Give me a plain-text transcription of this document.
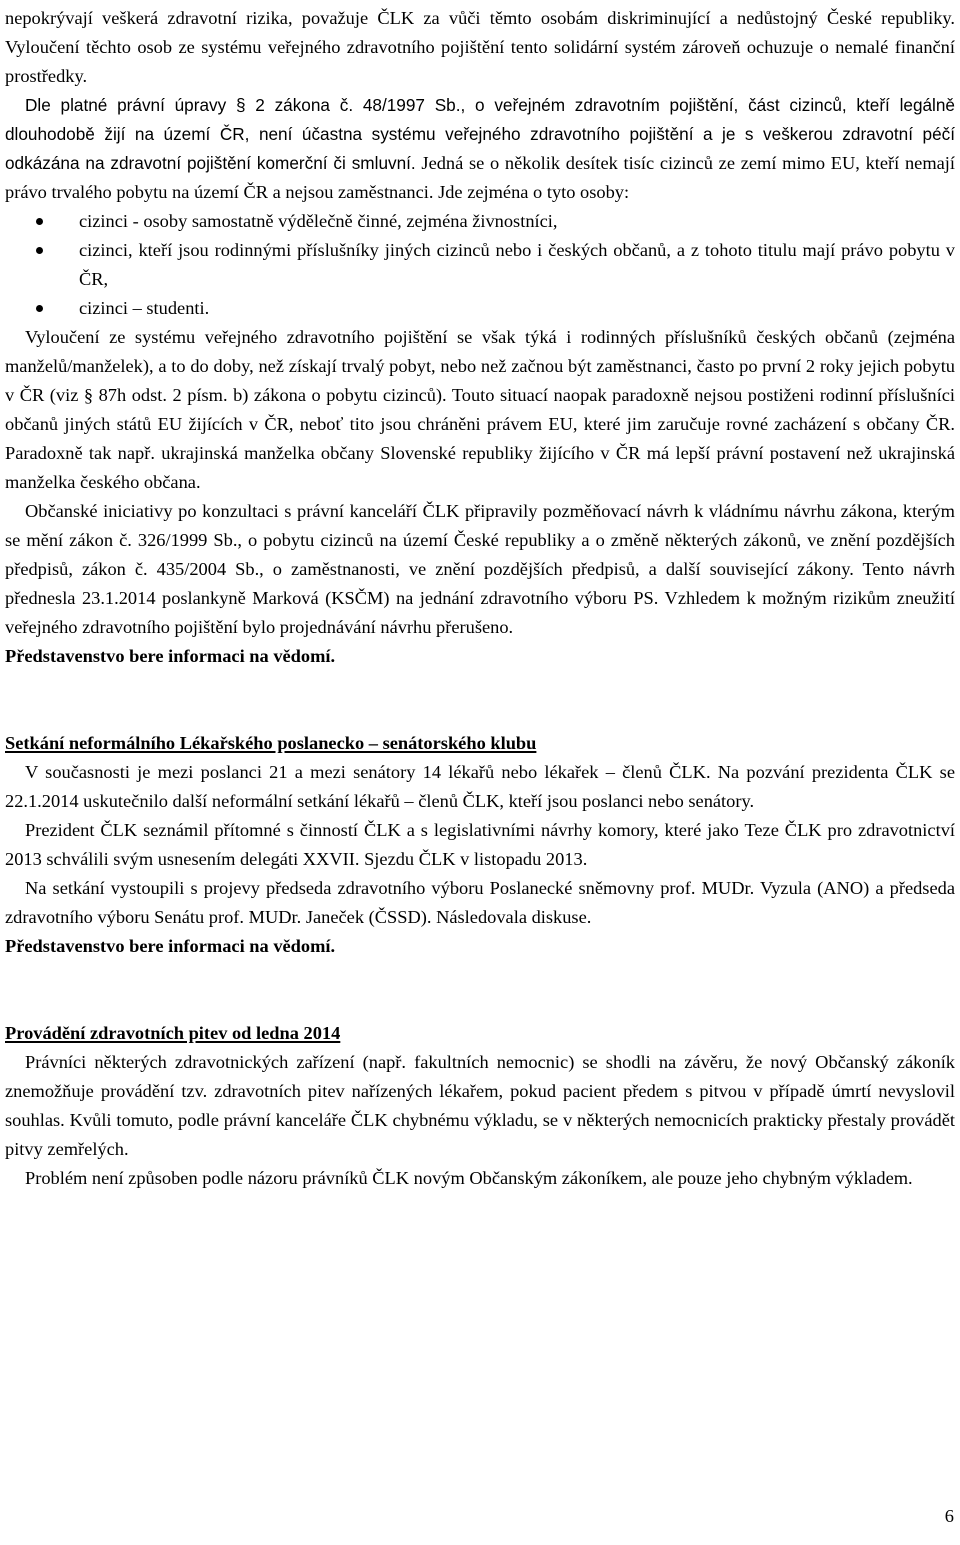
nepokrývají veškerá zdravotní rizika, považuje ČLK za vůči těmto osobám diskriminující a nedůstojný České republiky. Vyloučení těchto osob ze systému veřejného zdravotního pojištění tento solidární systém zároveň ochuzuje o nemalé finanční prostředky.

Dle platné právní úpravy § 2 zákona č. 48/1997 Sb., o veřejném zdravotním pojištění, část cizinců, kteří legálně dlouhodobě žijí na území ČR, není účastna systému veřejného zdravotního pojištění a je s veškerou zdravotní péčí odkázána na zdravotní pojištění komerční či smluvní. Jedná se o několik desítek tisíc cizinců ze zemí mimo EU, kteří nemají právo trvalého pobytu na území ČR a nejsou zaměstnanci. Jde zejména o tyto osoby:

cizinci - osoby samostatně výdělečně činné, zejména živnostníci,
cizinci, kteří jsou rodinnými příslušníky jiných cizinců nebo i českých občanů, a z tohoto titulu mají právo pobytu v ČR,
cizinci – studenti.

Vyloučení ze systému veřejného zdravotního pojištění se však týká i rodinných příslušníků českých občanů (zejména manželů/manželek), a to do doby, než získají trvalý pobyt, nebo než začnou být zaměstnanci, často po první 2 roky jejich pobytu v ČR (viz § 87h odst. 2 písm. b) zákona o pobytu cizinců). Touto situací naopak paradoxně nejsou postiženi rodinní příslušníci občanů jiných států EU žijících v ČR, neboť tito jsou chráněni právem EU, které jim zaručuje rovné zacházení s občany ČR. Paradoxně tak např. ukrajinská manželka občany Slovenské republiky žijícího v ČR má lepší právní postavení než ukrajinská manželka českého občana.

Občanské iniciativy po konzultaci s právní kanceláří ČLK připravily pozměňovací návrh k vládnímu návrhu zákona, kterým se mění zákon č. 326/1999 Sb., o pobytu cizinců na území České republiky a o změně některých zákonů, ve znění pozdějších předpisů, zákon č. 435/2004 Sb., o zaměstnanosti, ve znění pozdějších předpisů, a další související zákony. Tento návrh přednesla 23.1.2014 poslankyně Marková (KSČM) na jednání zdravotního výboru PS. Vzhledem k možným rizikům zneužití veřejného zdravotního pojištění bylo projednávání návrhu přerušeno.

Představenstvo bere informaci na vědomí.

Setkání neformálního Lékařského poslanecko – senátorského klubu

V současnosti je mezi poslanci 21 a mezi senátory 14 lékařů nebo lékařek – členů ČLK. Na pozvání prezidenta ČLK se 22.1.2014 uskutečnilo další neformální setkání lékařů – členů ČLK, kteří jsou poslanci nebo senátory.

Prezident ČLK seznámil přítomné s činností ČLK a s legislativními návrhy komory, které jako Teze ČLK pro zdravotnictví 2013 schválili svým usnesením delegáti XXVII. Sjezdu ČLK v listopadu 2013.

Na setkání vystoupili s projevy předseda zdravotního výboru Poslanecké sněmovny prof. MUDr. Vyzula (ANO) a předseda zdravotního výboru Senátu prof. MUDr. Janeček (ČSSD). Následovala diskuse.

Představenstvo bere informaci na vědomí.

Provádění zdravotních pitev od ledna 2014

Právníci některých zdravotnických zařízení (např. fakultních nemocnic) se shodli na závěru, že nový Občanský zákoník znemožňuje provádění tzv. zdravotních pitev nařízených lékařem, pokud pacient předem s pitvou v případě úmrtí nevyslovil souhlas. Kvůli tomuto, podle právní kanceláře ČLK chybnému výkladu, se v některých nemocnicích prakticky přestaly provádět pitvy zemřelých.

Problém není způsoben podle názoru právníků ČLK novým Občanským zákoníkem, ale pouze jeho chybným výkladem.

6
